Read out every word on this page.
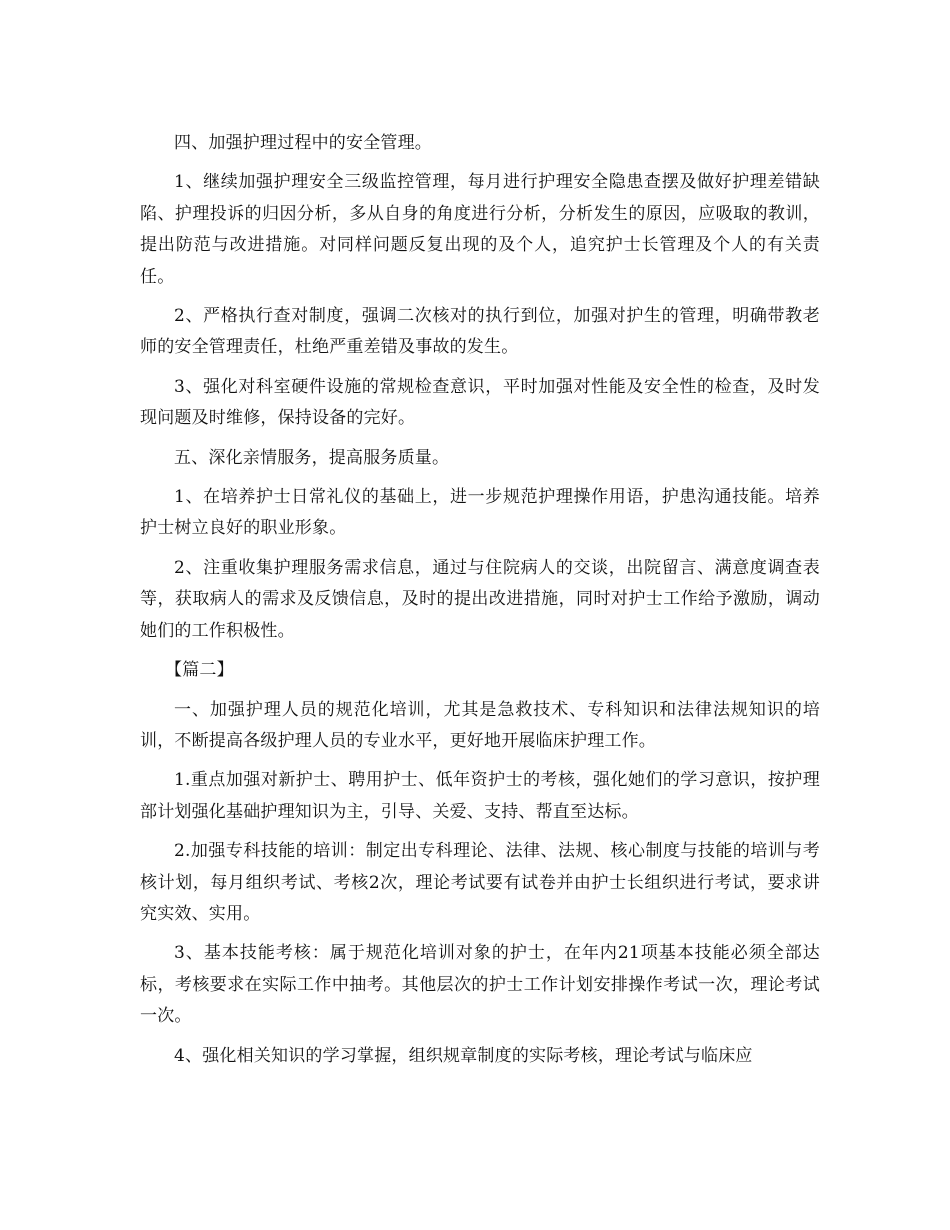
四、加强护理过程中的安全管理。

1、继续加强护理安全三级监控管理，每月进行护理安全隐患查摆及做好护理差错缺陷、护理投诉的归因分析，多从自身的角度进行分析，分析发生的原因，应吸取的教训，提出防范与改进措施。对同样问题反复出现的及个人，追究护士长管理及个人的有关责任。

2、严格执行查对制度，强调二次核对的执行到位，加强对护生的管理，明确带教老师的安全管理责任，杜绝严重差错及事故的发生。

3、强化对科室硬件设施的常规检查意识，平时加强对性能及安全性的检查，及时发现问题及时维修，保持设备的完好。

五、深化亲情服务，提高服务质量。

1、在培养护士日常礼仪的基础上，进一步规范护理操作用语，护患沟通技能。培养护士树立良好的职业形象。

2、注重收集护理服务需求信息，通过与住院病人的交谈，出院留言、满意度调查表等，获取病人的需求及反馈信息，及时的提出改进措施，同时对护士工作给予激励，调动她们的工作积极性。

【篇二】

一、加强护理人员的规范化培训，尤其是急救技术、专科知识和法律法规知识的培训，不断提高各级护理人员的专业水平，更好地开展临床护理工作。

1.重点加强对新护士、聘用护士、低年资护士的考核，强化她们的学习意识，按护理部计划强化基础护理知识为主，引导、关爱、支持、帮直至达标。

2.加强专科技能的培训：制定出专科理论、法律、法规、核心制度与技能的培训与考核计划，每月组织考试、考核2次，理论考试要有试卷并由护士长组织进行考试，要求讲究实效、实用。

3、基本技能考核：属于规范化培训对象的护士，在年内21项基本技能必须全部达标，考核要求在实际工作中抽考。其他层次的护士工作计划安排操作考试一次，理论考试一次。

4、强化相关知识的学习掌握，组织规章制度的实际考核，理论考试与临床应
